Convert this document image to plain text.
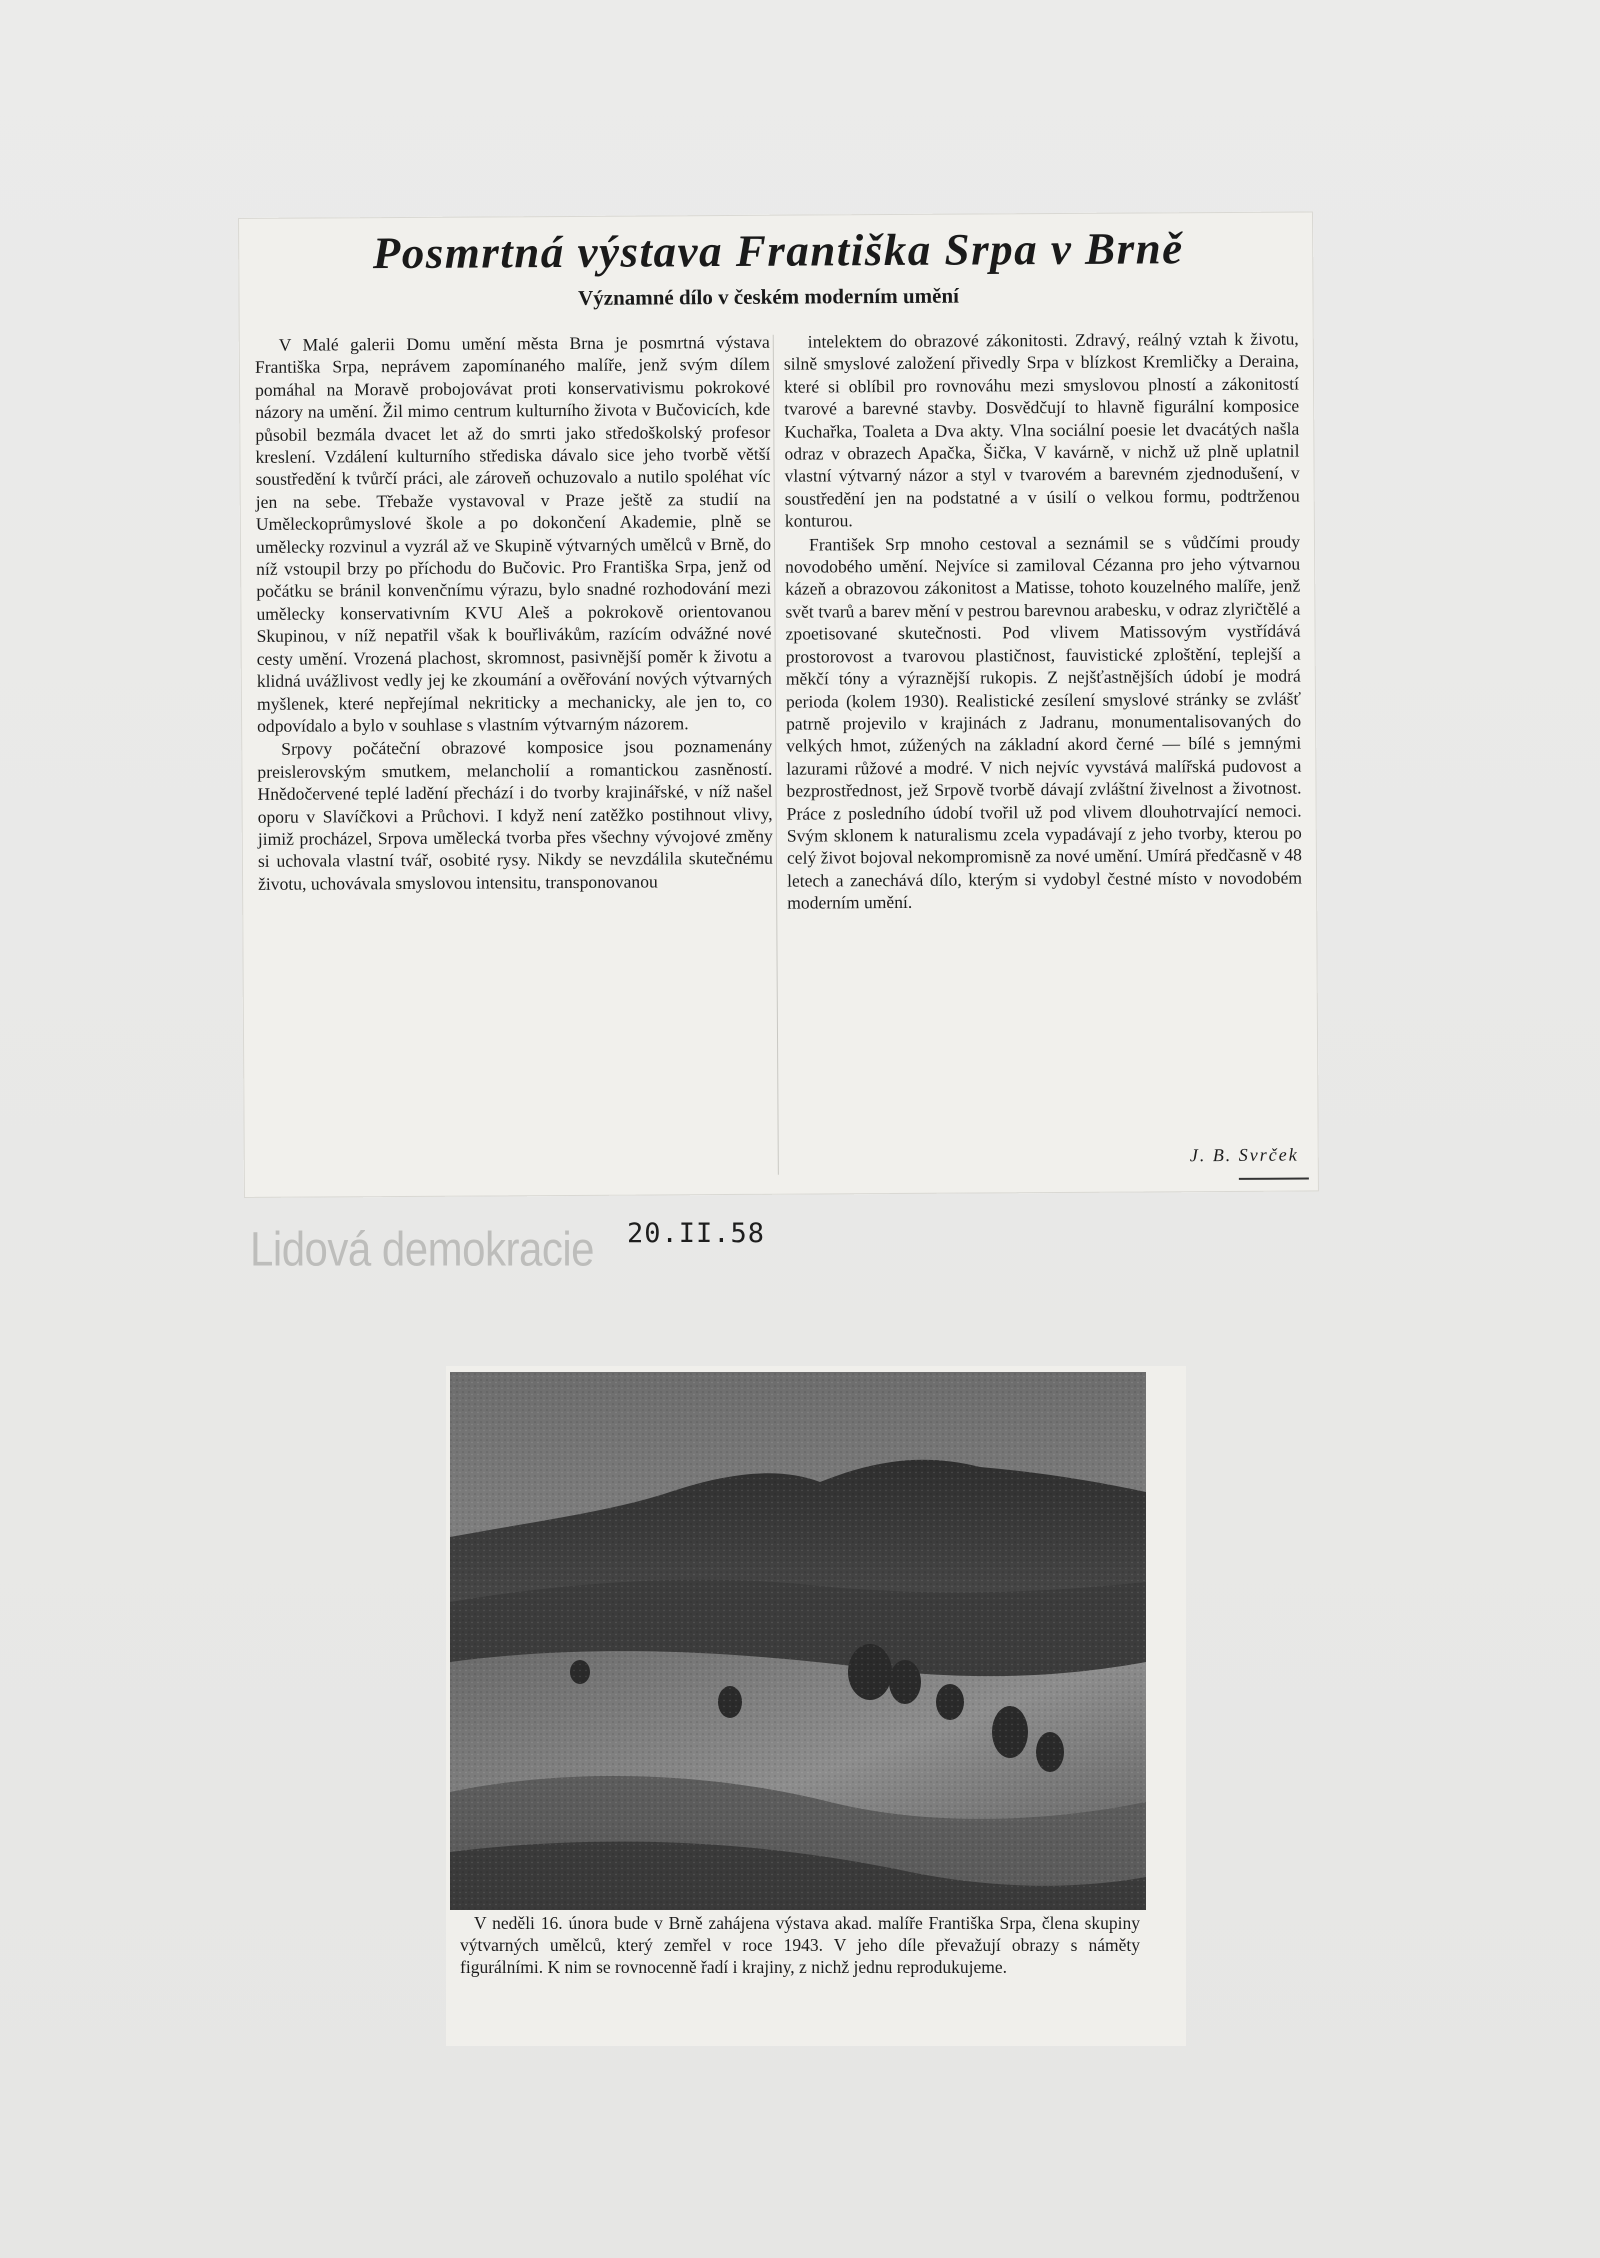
Posmrtná výstava Františka Srpa v Brně
Významné dílo v českém moderním umění

V Malé galerii Domu umění města Brna je posmrtná výstava Františka Srpa, neprávem zapomínaného malíře, jenž svým dílem pomáhal na Moravě probojovávat proti konservativismu pokrokové názory na umění. Žil mimo centrum kulturního života v Bučovicích, kde působil bezmála dvacet let až do smrti jako středoškolský profesor kreslení. Vzdálení kulturního střediska dávalo sice jeho tvorbě větší soustředění k tvůrčí práci, ale zároveň ochuzovalo a nutilo spoléhat víc jen na sebe. Třebaže vystavoval v Praze ještě za studií na Uměleckoprůmyslové škole a po dokončení Akademie, plně se umělecky rozvinul a vyzrál až ve Skupině výtvarných umělců v Brně, do níž vstoupil brzy po příchodu do Bučovic. Pro Františka Srpa, jenž od počátku se bránil konvenčnímu výrazu, bylo snadné rozhodování mezi umělecky konservativním KVU Aleš a pokrokově orientovanou Skupinou, v níž nepatřil však k bouřlivákům, razícím odvážné nové cesty umění. Vrozená plachost, skromnost, pasivnější poměr k životu a klidná uvážlivost vedly jej ke zkoumání a ověřování nových výtvarných myšlenek, které nepřejímal nekriticky a mechanicky, ale jen to, co odpovídalo a bylo v souhlase s vlastním výtvarným názorem.

Srpovy počáteční obrazové komposice jsou poznamenány preislerovským smutkem, melancholií a romantickou zasněností. Hnědočervené teplé ladění přechází i do tvorby krajinářské, v níž našel oporu v Slavíčkovi a Průchovi. I když není zatěžko postihnout vlivy, jimiž procházel, Srpova umělecká tvorba přes všechny vývojové změny si uchovala vlastní tvář, osobité rysy. Nikdy se nevzdálila skutečnému životu, uchovávala smyslovou intensitu, transponovanou

intelektem do obrazové zákonitosti. Zdravý, reálný vztah k životu, silně smyslové založení přivedly Srpa v blízkost Kremličky a Deraina, které si oblíbil pro rovnováhu mezi smyslovou plností a zákonitostí tvarové a barevné stavby. Dosvědčují to hlavně figurální komposice Kuchařka, Toaleta a Dva akty. Vlna sociální poesie let dvacátých našla odraz v obrazech Apačka, Šička, V kavárně, v nichž už plně uplatnil vlastní výtvarný názor a styl v tvarovém a barevném zjednodušení, v soustředění jen na podstatné a v úsilí o velkou formu, podtrženou konturou.

František Srp mnoho cestoval a seznámil se s vůdčími proudy novodobého umění. Nejvíce si zamiloval Cézanna pro jeho výtvarnou kázeň a obrazovou zákonitost a Matisse, tohoto kouzelného malíře, jenž svět tvarů a barev mění v pestrou barevnou arabesku, v odraz zlyričtělé a zpoetisované skutečnosti. Pod vlivem Matissovým vystřídává prostorovost a tvarovou plastičnost, fauvistické zploštění, teplejší a měkčí tóny a výraznější rukopis. Z nejšťastnějších údobí je modrá perioda (kolem 1930). Realistické zesílení smyslové stránky se zvlášť patrně projevilo v krajinách z Jadranu, monumentalisovaných do velkých hmot, zúžených na základní akord černé — bílé s jemnými lazurami růžové a modré. V nich nejvíc vyvstává malířská pudovost a bezprostřednost, jež Srpově tvorbě dávají zvláštní živelnost a životnost. Práce z posledního údobí tvořil už pod vlivem dlouhotrvající nemoci. Svým sklonem k naturalismu zcela vypadávají z jeho tvorby, kterou po celý život bojoval nekompromisně za nové umění. Umírá předčasně v 48 letech a zanechává dílo, kterým si vydobyl čestné místo v novodobém moderním umění.

J. B. Svrček
Lidová demokracie 20.II.58
V neděli 16. února bude v Brně zahájena výstava akad. malíře Františka Srpa, člena skupiny výtvarných umělců, který zemřel v roce 1943. V jeho díle převažují obrazy s náměty figurálními. K nim se rovnocenně řadí i krajiny, z nichž jednu reprodukujeme.
